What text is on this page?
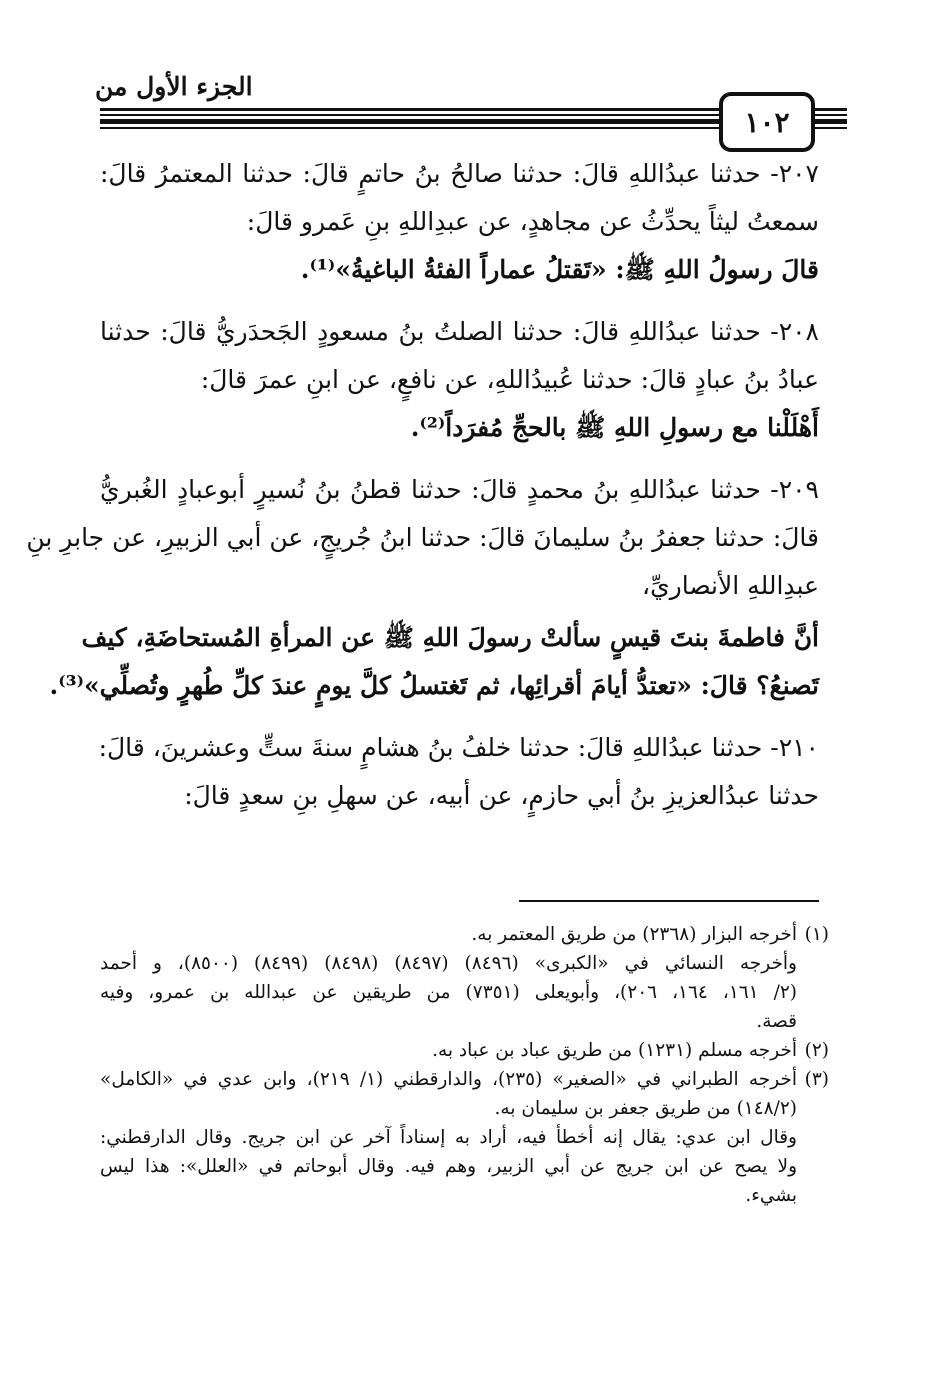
الجزء الأول من
١٠٢
٢٠٧- حدثنا عبدُاللهِ قالَ: حدثنا صالحُ بنُ حاتمٍ قالَ: حدثنا المعتمرُ قالَ:
سمعتُ ليثاً يحدِّثُ عن مجاهدٍ، عن عبدِاللهِ بنِ عَمرو قالَ:
قالَ رسولُ اللهِ ﷺ: «تَقتلُ عماراً الفئةُ الباغيةُ»⁽¹⁾.
٢٠٨- حدثنا عبدُاللهِ قالَ: حدثنا الصلتُ بنُ مسعودٍ الجَحدَريُّ قالَ: حدثنا
عبادُ بنُ عبادٍ قالَ: حدثنا عُبيدُاللهِ، عن نافعٍ، عن ابنِ عمرَ قالَ:
أَهْلَلْنا مع رسولِ اللهِ ﷺ بالحجِّ مُفرَداً⁽²⁾.
٢٠٩- حدثنا عبدُاللهِ بنُ محمدٍ قالَ: حدثنا قطنُ بنُ نُسيرٍ أبوعبادٍ الغُبريُّ
قالَ: حدثنا جعفرُ بنُ سليمانَ قالَ: حدثنا ابنُ جُريجٍ، عن أبي الزبيرِ، عن جابرِ بنِ
عبدِاللهِ الأنصاريِّ،
أنَّ فاطمةَ بنتَ قيسٍ سألتْ رسولَ اللهِ ﷺ عن المرأةِ المُستحاضَةِ، كيف
تَصنعُ؟ قالَ: «تعتدُّ أيامَ أقرائِها، ثم تَغتسلُ كلَّ يومٍ عندَ كلِّ طُهرٍ وتُصلِّي»⁽³⁾.
٢١٠- حدثنا عبدُاللهِ قالَ: حدثنا خلفُ بنُ هشامٍ سنةَ ستٍّ وعشرينَ، قالَ:
حدثنا عبدُالعزيزِ بنُ أبي حازمٍ، عن أبيه، عن سهلِ بنِ سعدٍ قالَ:
(١)
أخرجه البزار (٢٣٦٨) من طريق المعتمر به.
وأخرجه النسائي في «الكبرى» (٨٤٩٦) (٨٤٩٧) (٨٤٩٨) (٨٤٩٩) (٨٥٠٠)، و أحمد
(٢/ ١٦١، ١٦٤، ٢٠٦)، وأبويعلى (٧٣٥١) من طريقين عن عبدالله بن عمرو، وفيه
قصة.
(٢)
أخرجه مسلم (١٢٣١) من طريق عباد بن عباد به.
(٣)
أخرجه الطبراني في «الصغير» (٢٣٥)، والدارقطني (١/ ٢١٩)، وابن عدي في «الكامل»
(١٤٨/٢) من طريق جعفر بن سليمان به.
وقال ابن عدي: يقال إنه أخطأ فيه، أراد به إسناداً آخر عن ابن جريج. وقال الدارقطني:
ولا يصح عن ابن جريج عن أبي الزبير، وهم فيه. وقال أبوحاتم في «العلل»: هذا ليس
بشيء.
